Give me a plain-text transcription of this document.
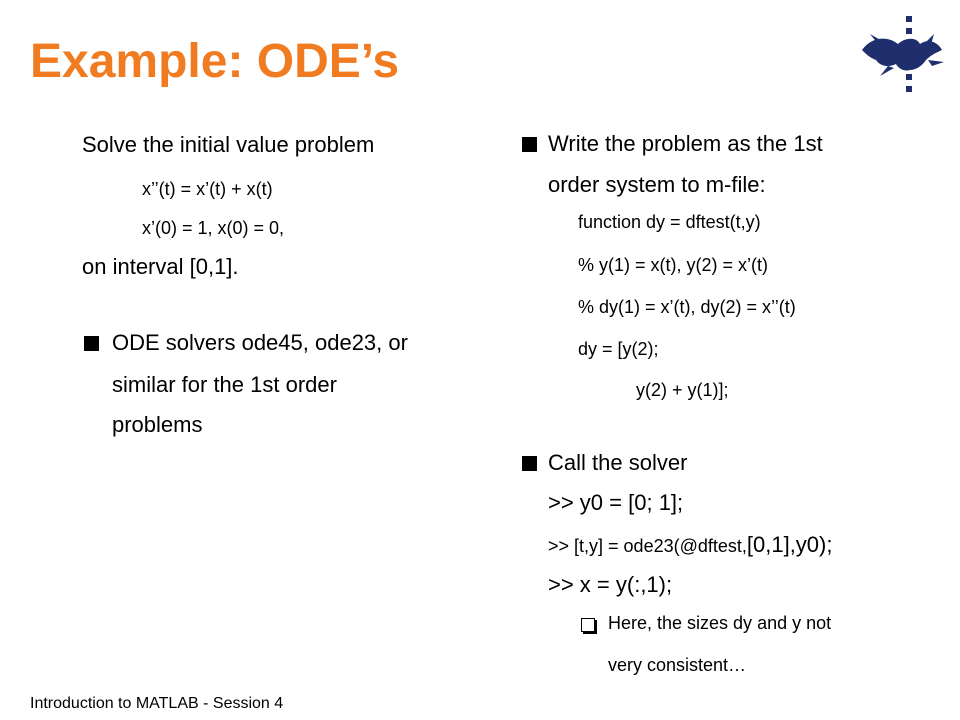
Example: ODE’s
Solve the initial value problem
x’’(t) = x’(t) + x(t)
x’(0) = 1, x(0) = 0,
on interval [0,1].
ODE solvers ode45, ode23, or
similar for the 1st order
problems
Write the problem as the 1st
order system to m-file:
function dy = dftest(t,y)
% y(1) = x(t), y(2) = x’(t)
% dy(1) = x’(t), dy(2) = x’’(t)
dy = [y(2);
y(2) + y(1)];
Call the solver
>> y0 = [0; 1];
>> [t,y] = ode23(@dftest,[0,1],y0);
>> x = y(:,1);
Here, the sizes dy and y not
very consistent…
Introduction to MATLAB - Session 4
